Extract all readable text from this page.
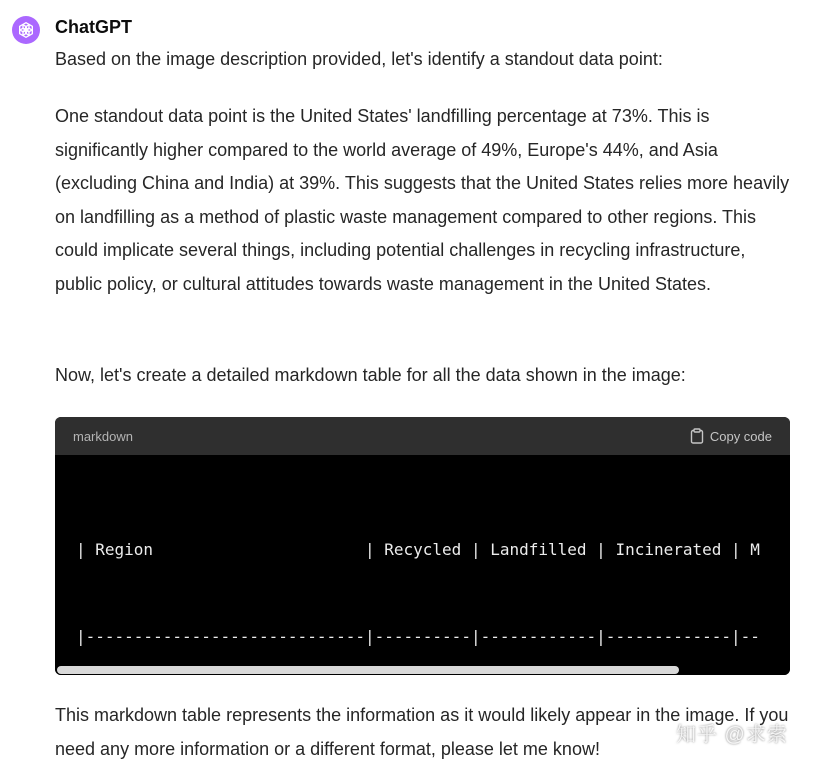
ChatGPT

Based on the image description provided, let's identify a standout data point:

One standout data point is the United States' landfilling percentage at 73%. This is significantly higher compared to the world average of 49%, Europe's 44%, and Asia (excluding China and India) at 39%. This suggests that the United States relies more heavily on landfilling as a method of plastic waste management compared to other regions. This could implicate several things, including potential challenges in recycling infrastructure, public policy, or cultural attitudes towards waste management in the United States.

Now, let's create a detailed markdown table for all the data shown in the image:

markdown	Copy code

| Region                      | Recycled | Landfilled | Incinerated | M

|-----------------------------|----------|------------|-------------|--

This markdown table represents the information as it would likely appear in the image. If you need any more information or a different format, please let me know!

知乎 @求索
